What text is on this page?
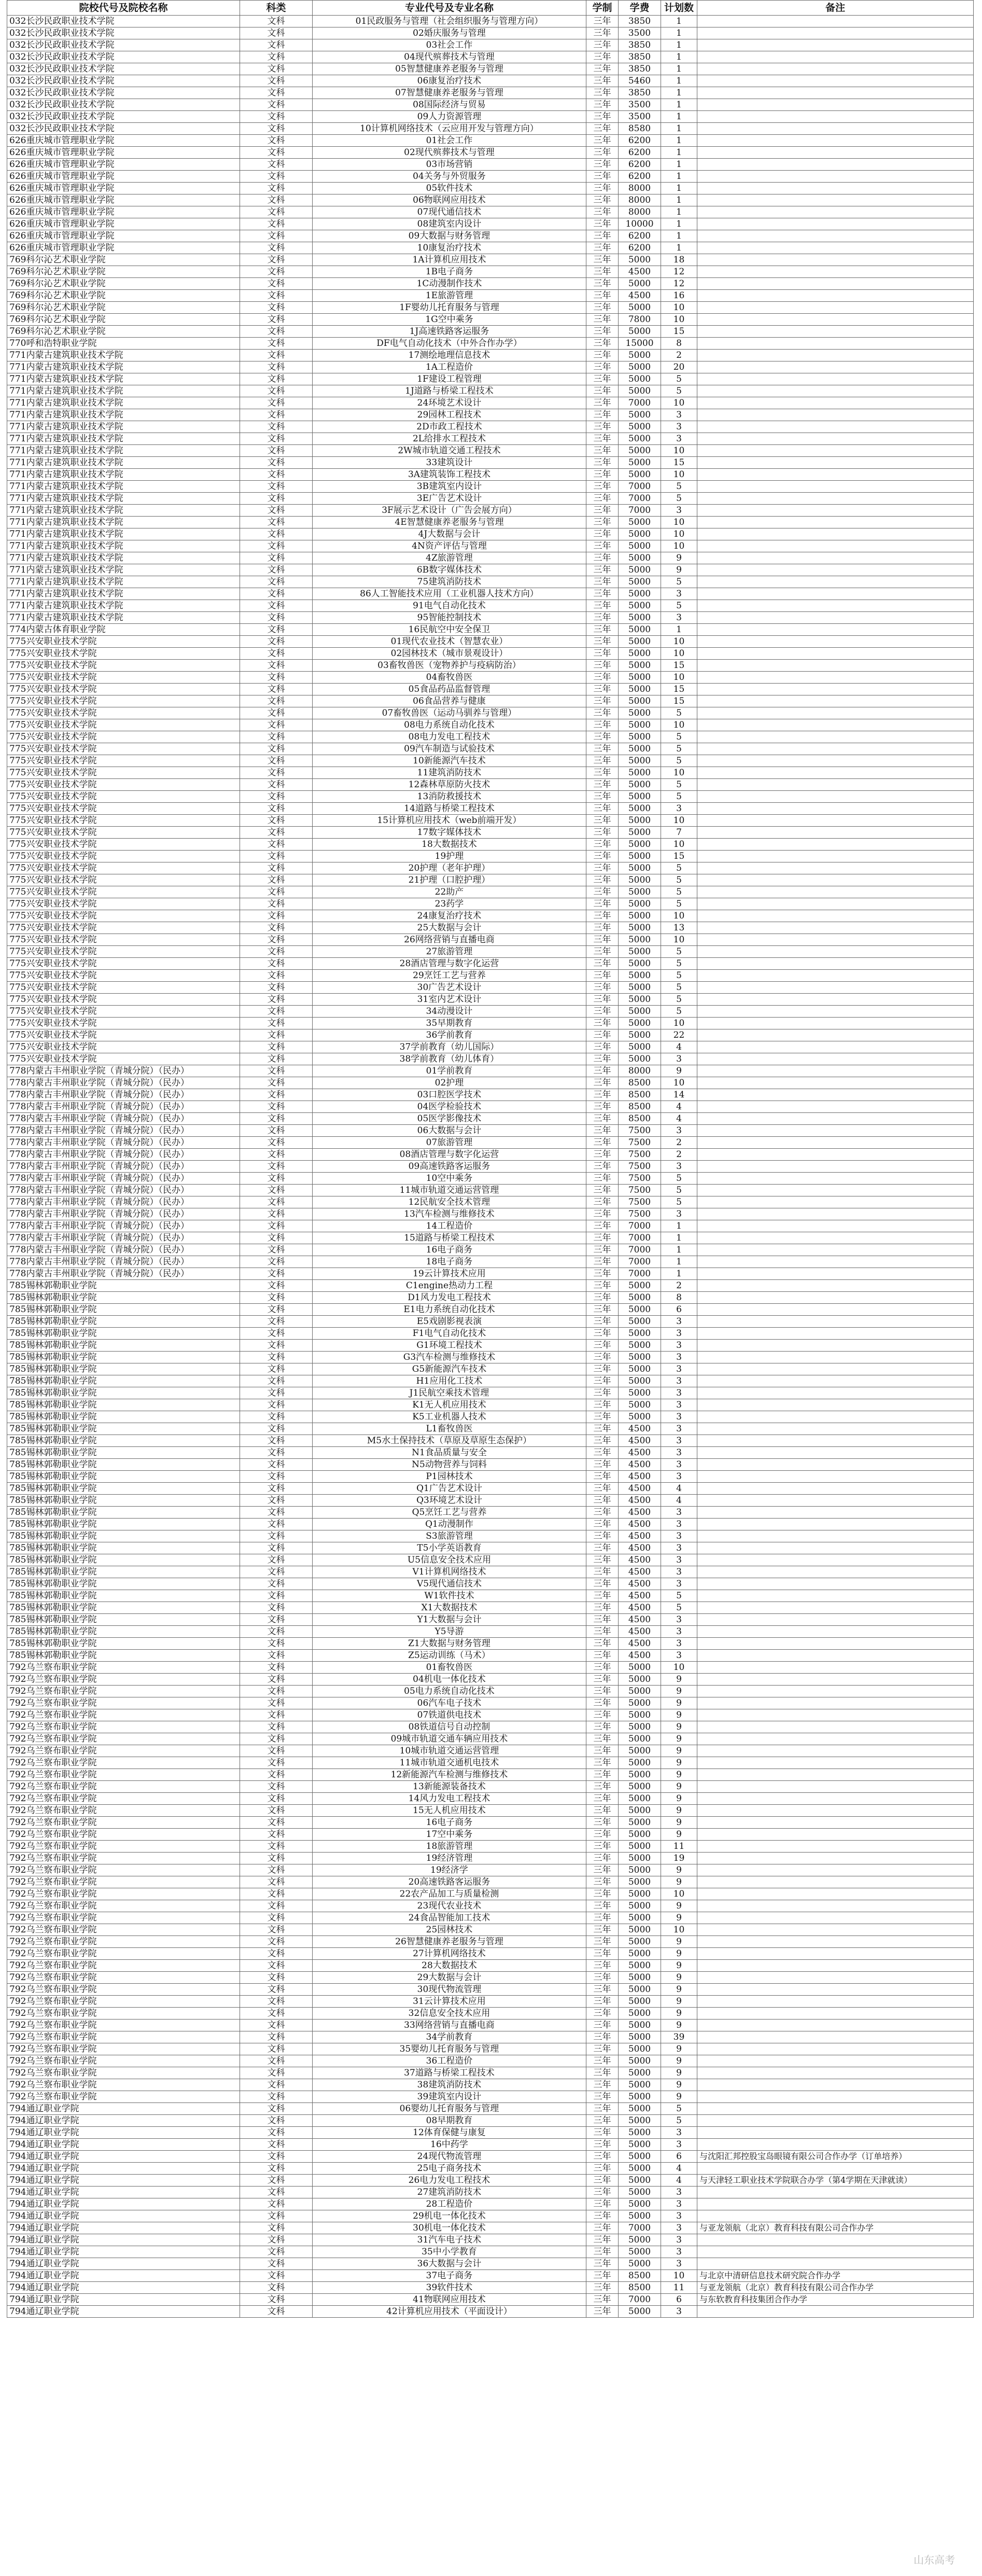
院校代号及院校名称	科类	专业代号及专业名称	学制	学费	计划数	备注
032长沙民政职业技术学院	文科	01民政服务与管理（社会组织服务与管理方向）	三年	3850	1	
032长沙民政职业技术学院	文科	02婚庆服务与管理	三年	3500	1	
032长沙民政职业技术学院	文科	03社会工作	三年	3850	1	
032长沙民政职业技术学院	文科	04现代殡葬技术与管理	三年	3850	1	
032长沙民政职业技术学院	文科	05智慧健康养老服务与管理	三年	3850	1	
032长沙民政职业技术学院	文科	06康复治疗技术	三年	5460	1	
032长沙民政职业技术学院	文科	07智慧健康养老服务与管理	三年	3850	1	
032长沙民政职业技术学院	文科	08国际经济与贸易	三年	3500	1	
032长沙民政职业技术学院	文科	09人力资源管理	三年	3500	1	
032长沙民政职业技术学院	文科	10计算机网络技术（云应用开发与管理方向）	三年	8580	1	
626重庆城市管理职业学院	文科	01社会工作	三年	6200	1	
626重庆城市管理职业学院	文科	02现代殡葬技术与管理	三年	6200	1	
626重庆城市管理职业学院	文科	03市场营销	三年	6200	1	
626重庆城市管理职业学院	文科	04关务与外贸服务	三年	6200	1	
626重庆城市管理职业学院	文科	05软件技术	三年	8000	1	
626重庆城市管理职业学院	文科	06物联网应用技术	三年	8000	1	
626重庆城市管理职业学院	文科	07现代通信技术	三年	8000	1	
626重庆城市管理职业学院	文科	08建筑室内设计	三年	10000	1	
626重庆城市管理职业学院	文科	09大数据与财务管理	三年	6200	1	
626重庆城市管理职业学院	文科	10康复治疗技术	三年	6200	1	
769科尔沁艺术职业学院	文科	1A计算机应用技术	三年	5000	18	
769科尔沁艺术职业学院	文科	1B电子商务	三年	4500	12	
769科尔沁艺术职业学院	文科	1C动漫制作技术	三年	5000	12	
769科尔沁艺术职业学院	文科	1E旅游管理	三年	4500	16	
769科尔沁艺术职业学院	文科	1F婴幼儿托育服务与管理	三年	5000	10	
769科尔沁艺术职业学院	文科	1G空中乘务	三年	7800	10	
769科尔沁艺术职业学院	文科	1J高速铁路客运服务	三年	5000	15	
770呼和浩特职业学院	文科	DF电气自动化技术（中外合作办学）	三年	15000	8	
771内蒙古建筑职业技术学院	文科	17测绘地理信息技术	三年	5000	2	
771内蒙古建筑职业技术学院	文科	1A工程造价	三年	5000	20	
771内蒙古建筑职业技术学院	文科	1F建设工程管理	三年	5000	5	
771内蒙古建筑职业技术学院	文科	1J道路与桥梁工程技术	三年	5000	5	
771内蒙古建筑职业技术学院	文科	24环境艺术设计	三年	7000	10	
771内蒙古建筑职业技术学院	文科	29园林工程技术	三年	5000	3	
771内蒙古建筑职业技术学院	文科	2D市政工程技术	三年	5000	3	
771内蒙古建筑职业技术学院	文科	2L给排水工程技术	三年	5000	3	
771内蒙古建筑职业技术学院	文科	2W城市轨道交通工程技术	三年	5000	10	
771内蒙古建筑职业技术学院	文科	33建筑设计	三年	5000	15	
771内蒙古建筑职业技术学院	文科	3A建筑装饰工程技术	三年	5000	10	
771内蒙古建筑职业技术学院	文科	3B建筑室内设计	三年	7000	5	
771内蒙古建筑职业技术学院	文科	3E广告艺术设计	三年	7000	5	
771内蒙古建筑职业技术学院	文科	3F展示艺术设计（广告会展方向）	三年	7000	3	
771内蒙古建筑职业技术学院	文科	4E智慧健康养老服务与管理	三年	5000	10	
771内蒙古建筑职业技术学院	文科	4J大数据与会计	三年	5000	10	
771内蒙古建筑职业技术学院	文科	4N资产评估与管理	三年	5000	10	
771内蒙古建筑职业技术学院	文科	4Z旅游管理	三年	5000	9	
771内蒙古建筑职业技术学院	文科	6B数字媒体技术	三年	5000	9	
771内蒙古建筑职业技术学院	文科	75建筑消防技术	三年	5000	5	
771内蒙古建筑职业技术学院	文科	86人工智能技术应用（工业机器人技术方向）	三年	5000	3	
771内蒙古建筑职业技术学院	文科	91电气自动化技术	三年	5000	5	
771内蒙古建筑职业技术学院	文科	95智能控制技术	三年	5000	3	
774内蒙古体育职业学院	文科	16民航空中安全保卫	三年	5000	1	
775兴安职业技术学院	文科	01现代农业技术（智慧农业）	三年	5000	10	
775兴安职业技术学院	文科	02园林技术（城市景观设计）	三年	5000	10	
775兴安职业技术学院	文科	03畜牧兽医（宠物养护与疫病防治）	三年	5000	15	
775兴安职业技术学院	文科	04畜牧兽医	三年	5000	10	
775兴安职业技术学院	文科	05食品药品监督管理	三年	5000	15	
775兴安职业技术学院	文科	06食品营养与健康	三年	5000	15	
775兴安职业技术学院	文科	07畜牧兽医（运动马驯养与管理）	三年	5000	5	
775兴安职业技术学院	文科	08电力系统自动化技术	三年	5000	10	
775兴安职业技术学院	文科	08电力发电工程技术	三年	5000	5	
775兴安职业技术学院	文科	09汽车制造与试验技术	三年	5000	5	
775兴安职业技术学院	文科	10新能源汽车技术	三年	5000	5	
775兴安职业技术学院	文科	11建筑消防技术	三年	5000	10	
775兴安职业技术学院	文科	12森林草原防火技术	三年	5000	5	
775兴安职业技术学院	文科	13消防救援技术	三年	5000	5	
775兴安职业技术学院	文科	14道路与桥梁工程技术	三年	5000	3	
775兴安职业技术学院	文科	15计算机应用技术（web前端开发）	三年	5000	10	
775兴安职业技术学院	文科	17数字媒体技术	三年	5000	7	
775兴安职业技术学院	文科	18大数据技术	三年	5000	10	
775兴安职业技术学院	文科	19护理	三年	5000	15	
775兴安职业技术学院	文科	20护理（老年护理）	三年	5000	5	
775兴安职业技术学院	文科	21护理（口腔护理）	三年	5000	5	
775兴安职业技术学院	文科	22助产	三年	5000	5	
775兴安职业技术学院	文科	23药学	三年	5000	5	
775兴安职业技术学院	文科	24康复治疗技术	三年	5000	10	
775兴安职业技术学院	文科	25大数据与会计	三年	5000	13	
775兴安职业技术学院	文科	26网络营销与直播电商	三年	5000	10	
775兴安职业技术学院	文科	27旅游管理	三年	5000	5	
775兴安职业技术学院	文科	28酒店管理与数字化运营	三年	5000	5	
775兴安职业技术学院	文科	29烹饪工艺与营养	三年	5000	5	
775兴安职业技术学院	文科	30广告艺术设计	三年	5000	5	
775兴安职业技术学院	文科	31室内艺术设计	三年	5000	5	
775兴安职业技术学院	文科	34动漫设计	三年	5000	5	
775兴安职业技术学院	文科	35早期教育	三年	5000	10	
775兴安职业技术学院	文科	36学前教育	三年	5000	22	
775兴安职业技术学院	文科	37学前教育（幼儿国际）	三年	5000	4	
775兴安职业技术学院	文科	38学前教育（幼儿体育）	三年	5000	3	
778内蒙古丰州职业学院（青城分院）（民办）	文科	01学前教育	三年	8000	9	
778内蒙古丰州职业学院（青城分院）（民办）	文科	02护理	三年	8500	10	
778内蒙古丰州职业学院（青城分院）（民办）	文科	03口腔医学技术	三年	8500	14	
778内蒙古丰州职业学院（青城分院）（民办）	文科	04医学检验技术	三年	8500	4	
778内蒙古丰州职业学院（青城分院）（民办）	文科	05医学影像技术	三年	8500	4	
778内蒙古丰州职业学院（青城分院）（民办）	文科	06大数据与会计	三年	7500	3	
778内蒙古丰州职业学院（青城分院）（民办）	文科	07旅游管理	三年	7500	2	
778内蒙古丰州职业学院（青城分院）（民办）	文科	08酒店管理与数字化运营	三年	7500	2	
778内蒙古丰州职业学院（青城分院）（民办）	文科	09高速铁路客运服务	三年	7500	3	
778内蒙古丰州职业学院（青城分院）（民办）	文科	10空中乘务	三年	7500	5	
778内蒙古丰州职业学院（青城分院）（民办）	文科	11城市轨道交通运营管理	三年	7500	5	
778内蒙古丰州职业学院（青城分院）（民办）	文科	12民航安全技术管理	三年	7500	5	
778内蒙古丰州职业学院（青城分院）（民办）	文科	13汽车检测与维修技术	三年	7500	3	
778内蒙古丰州职业学院（青城分院）（民办）	文科	14工程造价	三年	7000	1	
778内蒙古丰州职业学院（青城分院）（民办）	文科	15道路与桥梁工程技术	三年	7000	1	
778内蒙古丰州职业学院（青城分院）（民办）	文科	16电子商务	三年	7000	1	
778内蒙古丰州职业学院（青城分院）（民办）	文科	18电子商务	三年	7000	1	
778内蒙古丰州职业学院（青城分院）（民办）	文科	19云计算技术应用	三年	7000	1	
785锡林郭勒职业学院	文科	C1engine热动力工程	三年	5000	2	
785锡林郭勒职业学院	文科	D1风力发电工程技术	三年	5000	8	
785锡林郭勒职业学院	文科	E1电力系统自动化技术	三年	5000	6	
785锡林郭勒职业学院	文科	E5戏剧影视表演	三年	5000	3	
785锡林郭勒职业学院	文科	F1电气自动化技术	三年	5000	3	
785锡林郭勒职业学院	文科	G1环境工程技术	三年	5000	3	
785锡林郭勒职业学院	文科	G3汽车检测与维修技术	三年	5000	3	
785锡林郭勒职业学院	文科	G5新能源汽车技术	三年	5000	3	
785锡林郭勒职业学院	文科	H1应用化工技术	三年	5000	3	
785锡林郭勒职业学院	文科	J1民航空乘技术管理	三年	5000	3	
785锡林郭勒职业学院	文科	K1无人机应用技术	三年	5000	3	
785锡林郭勒职业学院	文科	K5工业机器人技术	三年	5000	3	
785锡林郭勒职业学院	文科	L1畜牧兽医	三年	4500	3	
785锡林郭勒职业学院	文科	M5水土保持技术（草原及草原生态保护）	三年	4500	3	
785锡林郭勒职业学院	文科	N1食品质量与安全	三年	4500	3	
785锡林郭勒职业学院	文科	N5动物营养与饲料	三年	4500	3	
785锡林郭勒职业学院	文科	P1园林技术	三年	4500	3	
785锡林郭勒职业学院	文科	Q1广告艺术设计	三年	4500	4	
785锡林郭勒职业学院	文科	Q3环境艺术设计	三年	4500	4	
785锡林郭勒职业学院	文科	Q5烹饪工艺与营养	三年	4500	3	
785锡林郭勒职业学院	文科	Q1动漫制作	三年	4500	3	
785锡林郭勒职业学院	文科	S3旅游管理	三年	4500	3	
785锡林郭勒职业学院	文科	T5小学英语教育	三年	4500	3	
785锡林郭勒职业学院	文科	U5信息安全技术应用	三年	4500	3	
785锡林郭勒职业学院	文科	V1计算机网络技术	三年	4500	3	
785锡林郭勒职业学院	文科	V5现代通信技术	三年	4500	3	
785锡林郭勒职业学院	文科	W1软件技术	三年	4500	5	
785锡林郭勒职业学院	文科	X1大数据技术	三年	4500	5	
785锡林郭勒职业学院	文科	Y1大数据与会计	三年	4500	3	
785锡林郭勒职业学院	文科	Y5导游	三年	4500	3	
785锡林郭勒职业学院	文科	Z1大数据与财务管理	三年	4500	3	
785锡林郭勒职业学院	文科	Z5运动训练（马术）	三年	4500	3	
792乌兰察布职业学院	文科	01畜牧兽医	三年	5000	10	
792乌兰察布职业学院	文科	04机电一体化技术	三年	5000	9	
792乌兰察布职业学院	文科	05电力系统自动化技术	三年	5000	9	
792乌兰察布职业学院	文科	06汽车电子技术	三年	5000	9	
792乌兰察布职业学院	文科	07铁道供电技术	三年	5000	9	
792乌兰察布职业学院	文科	08铁道信号自动控制	三年	5000	9	
792乌兰察布职业学院	文科	09城市轨道交通车辆应用技术	三年	5000	9	
792乌兰察布职业学院	文科	10城市轨道交通运营管理	三年	5000	9	
792乌兰察布职业学院	文科	11城市轨道交通机电技术	三年	5000	9	
792乌兰察布职业学院	文科	12新能源汽车检测与维修技术	三年	5000	9	
792乌兰察布职业学院	文科	13新能源装备技术	三年	5000	9	
792乌兰察布职业学院	文科	14风力发电工程技术	三年	5000	9	
792乌兰察布职业学院	文科	15无人机应用技术	三年	5000	9	
792乌兰察布职业学院	文科	16电子商务	三年	5000	9	
792乌兰察布职业学院	文科	17空中乘务	三年	5000	9	
792乌兰察布职业学院	文科	18旅游管理	三年	5000	11	
792乌兰察布职业学院	文科	19经济管理	三年	5000	19	
792乌兰察布职业学院	文科	19经济学	三年	5000	9	
792乌兰察布职业学院	文科	20高速铁路客运服务	三年	5000	9	
792乌兰察布职业学院	文科	22农产品加工与质量检测	三年	5000	10	
792乌兰察布职业学院	文科	23现代农业技术	三年	5000	9	
792乌兰察布职业学院	文科	24食品智能加工技术	三年	5000	9	
792乌兰察布职业学院	文科	25园林技术	三年	5000	10	
792乌兰察布职业学院	文科	26智慧健康养老服务与管理	三年	5000	9	
792乌兰察布职业学院	文科	27计算机网络技术	三年	5000	9	
792乌兰察布职业学院	文科	28大数据技术	三年	5000	9	
792乌兰察布职业学院	文科	29大数据与会计	三年	5000	9	
792乌兰察布职业学院	文科	30现代物流管理	三年	5000	9	
792乌兰察布职业学院	文科	31云计算技术应用	三年	5000	9	
792乌兰察布职业学院	文科	32信息安全技术应用	三年	5000	9	
792乌兰察布职业学院	文科	33网络营销与直播电商	三年	5000	9	
792乌兰察布职业学院	文科	34学前教育	三年	5000	39	
792乌兰察布职业学院	文科	35婴幼儿托育服务与管理	三年	5000	9	
792乌兰察布职业学院	文科	36工程造价	三年	5000	9	
792乌兰察布职业学院	文科	37道路与桥梁工程技术	三年	5000	9	
792乌兰察布职业学院	文科	38建筑消防技术	三年	5000	9	
792乌兰察布职业学院	文科	39建筑室内设计	三年	5000	9	
794通辽职业学院	文科	06婴幼儿托育服务与管理	三年	5000	5	
794通辽职业学院	文科	08早期教育	三年	5000	5	
794通辽职业学院	文科	12体育保健与康复	三年	5000	3	
794通辽职业学院	文科	16中药学	三年	5000	3	
794通辽职业学院	文科	24现代物流管理	三年	5000	6	与沈阳汇邦控股宝岛眼镜有限公司合作办学（订单培养）
794通辽职业学院	文科	25电子商务技术	三年	5000	4	
794通辽职业学院	文科	26电力发电工程技术	三年	5000	4	与天津轻工职业技术学院联合办学（第4学期在天津就读）
794通辽职业学院	文科	27建筑消防技术	三年	5000	3	
794通辽职业学院	文科	28工程造价	三年	5000	3	
794通辽职业学院	文科	29机电一体化技术	三年	5000	3	
794通辽职业学院	文科	30机电一体化技术	三年	7000	3	与亚龙领航（北京）教育科技有限公司合作办学
794通辽职业学院	文科	31汽车电子技术	三年	5000	3	
794通辽职业学院	文科	35中小学教育	三年	5000	3	
794通辽职业学院	文科	36大数据与会计	三年	5000	3	
794通辽职业学院	文科	37电子商务	三年	8500	10	与北京中清研信息技术研究院合作办学
794通辽职业学院	文科	39软件技术	三年	8500	11	与亚龙领航（北京）教育科技有限公司合作办学
794通辽职业学院	文科	41物联网应用技术	三年	7000	6	与东软教育科技集团合作办学
794通辽职业学院	文科	42计算机应用技术（平面设计）	三年	5000	3	
山东高考
